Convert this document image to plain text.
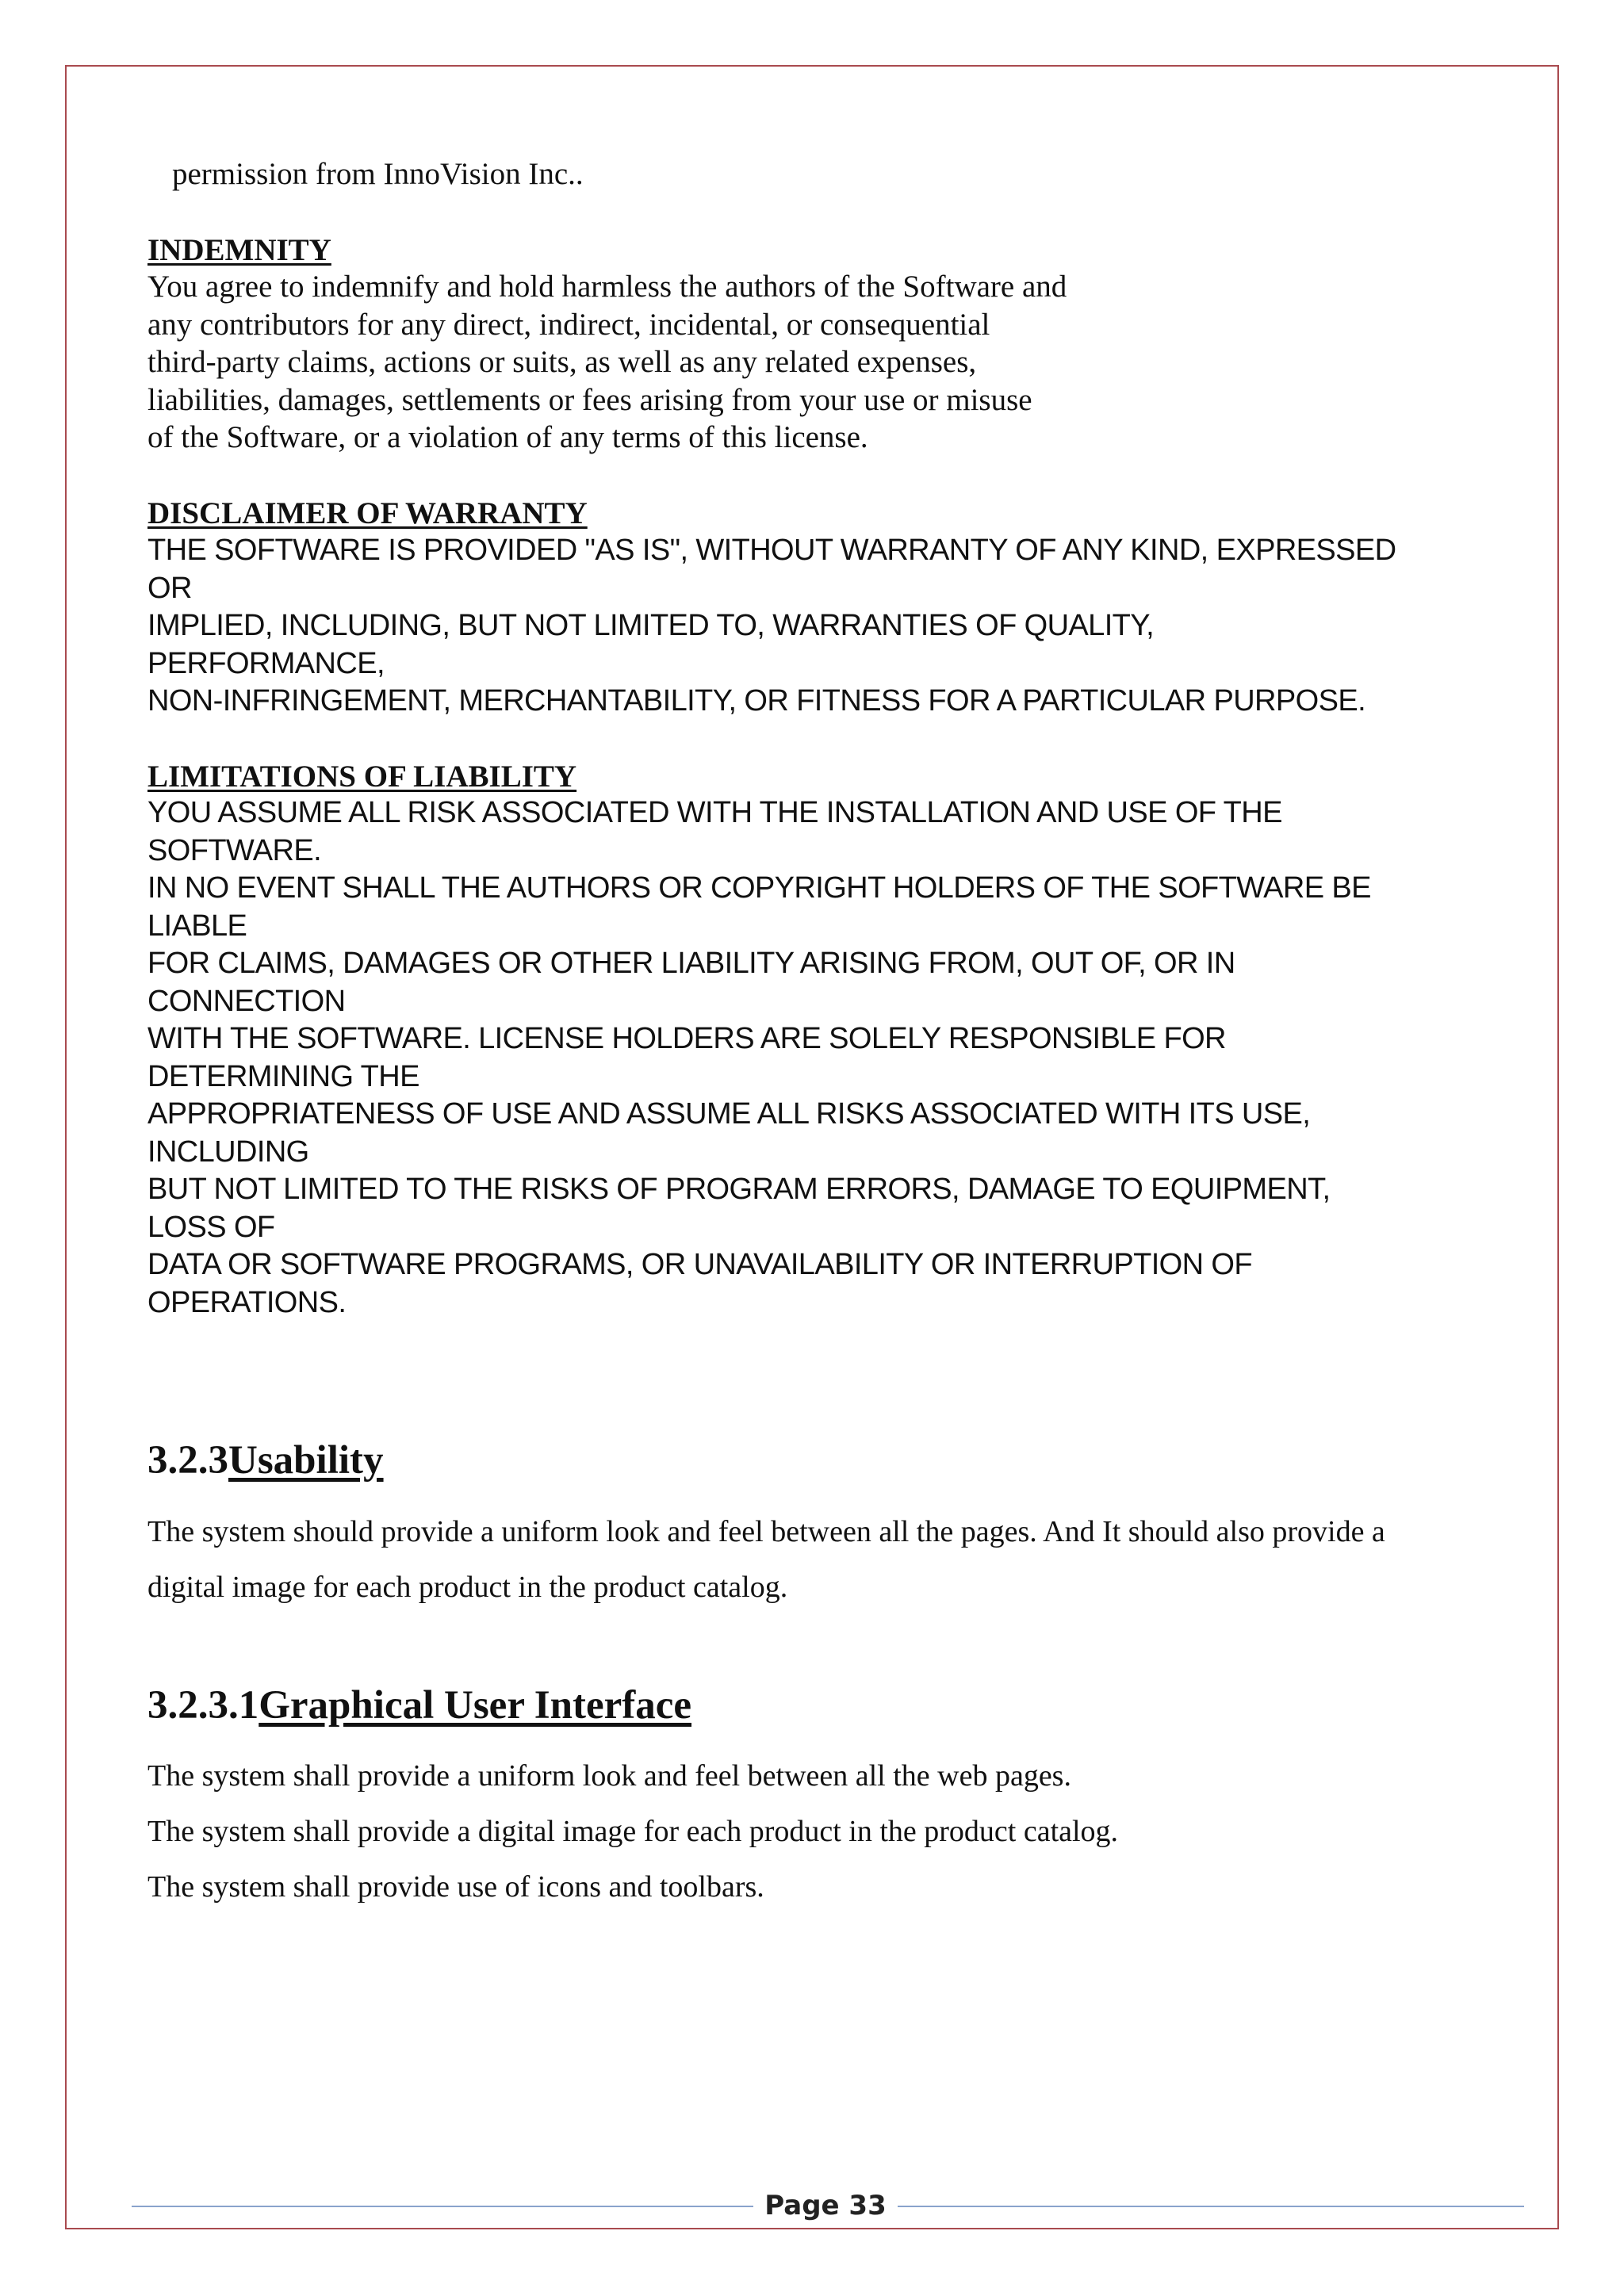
permission from InnoVision Inc..
INDEMNITY
You agree to indemnify and hold harmless the authors of the Software and
any contributors for any direct, indirect, incidental, or consequential
third-party claims, actions or suits, as well as any related expenses,
liabilities, damages, settlements or fees arising from your use or misuse
of the Software, or a violation of any terms of this license.
DISCLAIMER OF WARRANTY
THE SOFTWARE IS PROVIDED "AS IS", WITHOUT WARRANTY OF ANY KIND, EXPRESSED
OR
IMPLIED, INCLUDING, BUT NOT LIMITED TO, WARRANTIES OF QUALITY,
PERFORMANCE,
NON-INFRINGEMENT, MERCHANTABILITY, OR FITNESS FOR A PARTICULAR PURPOSE.
LIMITATIONS OF LIABILITY
YOU ASSUME ALL RISK ASSOCIATED WITH THE INSTALLATION AND USE OF THE
SOFTWARE.
IN NO EVENT SHALL THE AUTHORS OR COPYRIGHT HOLDERS OF THE SOFTWARE BE
LIABLE
FOR CLAIMS, DAMAGES OR OTHER LIABILITY ARISING FROM, OUT OF, OR IN
CONNECTION
WITH THE SOFTWARE. LICENSE HOLDERS ARE SOLELY RESPONSIBLE FOR
DETERMINING THE
APPROPRIATENESS OF USE AND ASSUME ALL RISKS ASSOCIATED WITH ITS USE,
INCLUDING
BUT NOT LIMITED TO THE RISKS OF PROGRAM ERRORS, DAMAGE TO EQUIPMENT,
LOSS OF
DATA OR SOFTWARE PROGRAMS, OR UNAVAILABILITY OR INTERRUPTION OF
OPERATIONS.
3.2.3Usability
The system should provide a uniform look and feel between all the pages. And It should also provide a
digital image for each product in the product catalog.
3.2.3.1Graphical User Interface
The system shall provide a uniform look and feel between all the web pages.
The system shall provide a digital image for each product in the product catalog.
The system shall provide use of icons and toolbars.
Page 33
